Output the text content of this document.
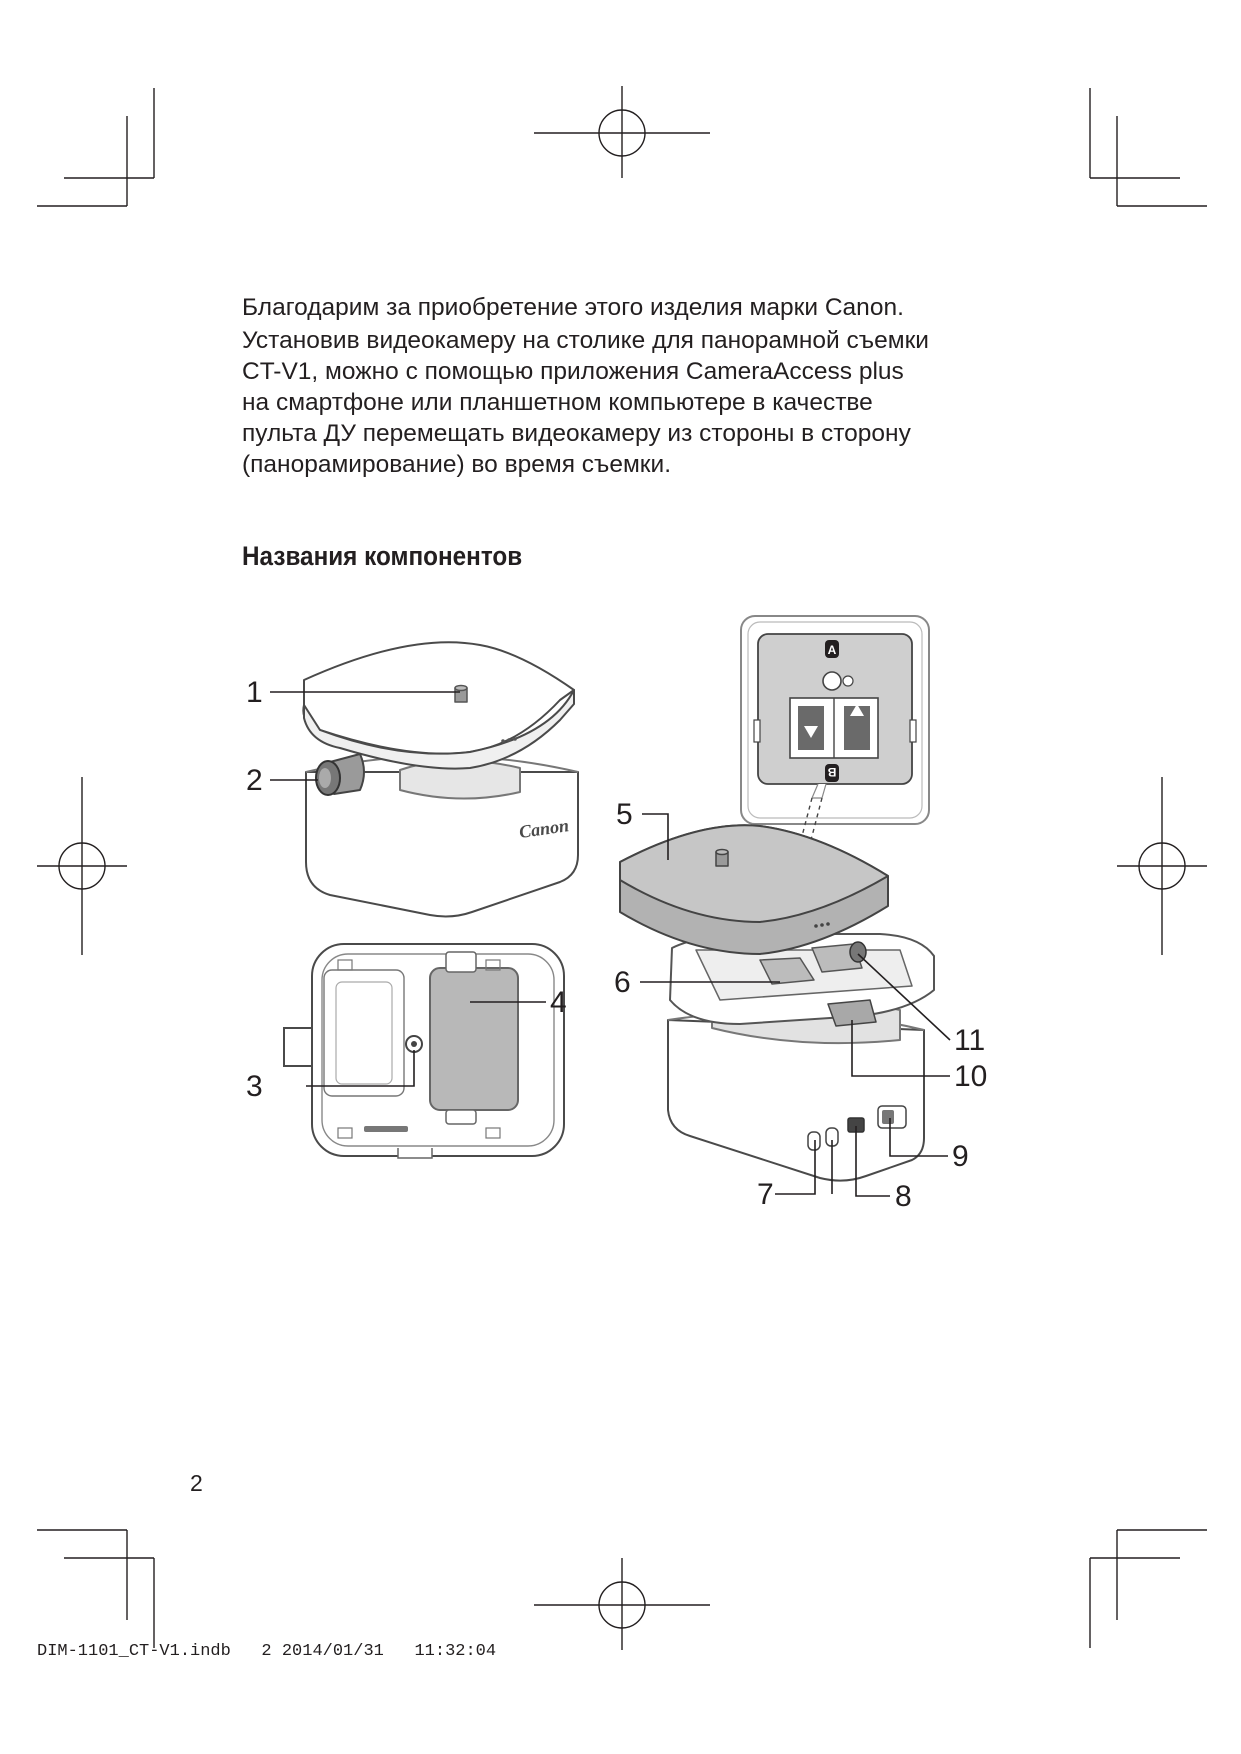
Благодарим за приобретение этого изделия марки Canon.

Установив видеокамеру на столике для панорамной съемки

CT-V1, можно с помощью приложения CameraAccess plus

на смартфоне или планшетном компьютере в качестве

пульта ДУ перемещать видеокамеру из стороны в сторону

(панорамирование) во время съемки.

Названия компонентов
Canon
A
B
1
2
3
4
5
6
7	8
9
10
11
2
DIM-1101_CT-V1.indb   2 2014/01/31   11:32:04
